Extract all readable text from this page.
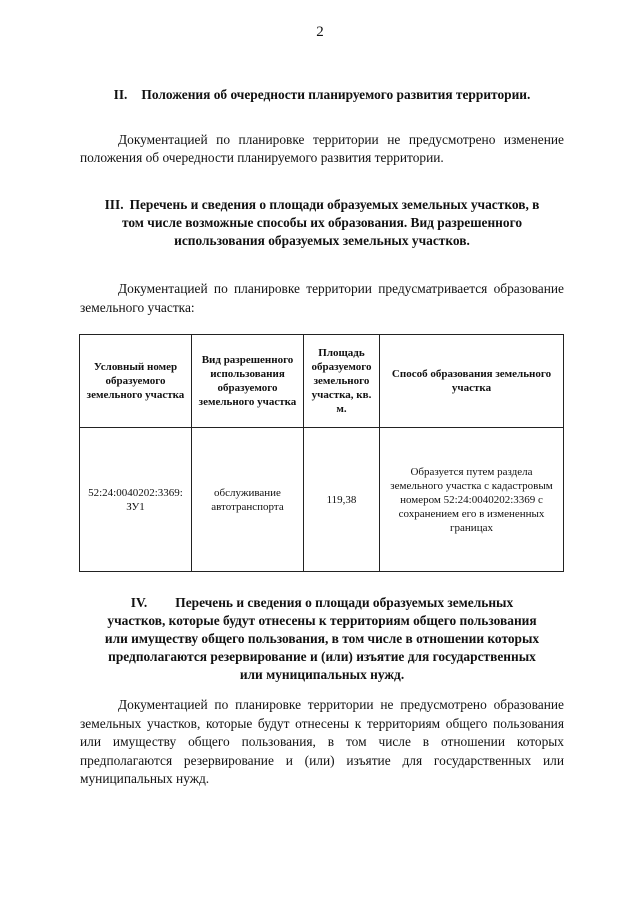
2
II. Положения об очередности планируемого развития территории.
Документацией по планировке территории не предусмотрено изменение положения об очередности планируемого развития территории.
III. Перечень и сведения о площади образуемых земельных участков, в
том числе возможные способы их образования. Вид разрешенного
использования образуемых земельных участков.
Документацией по планировке территории предусматривается образование земельного участка:
Условный номер образуемого земельного участка	Вид разрешенного использования образуемого земельного участка	Площадь образуемого земельного участка, кв. м.	Способ образования земельного участка
52:24:0040202:3369: ЗУ1	обслуживание автотранспорта	119,38	Образуется путем раздела земельного участка с кадастровым номером 52:24:0040202:3369 с сохранением его в измененных границах
IV. Перечень и сведения о площади образуемых земельных
участков, которые будут отнесены к территориям общего пользования
или имуществу общего пользования, в том числе в отношении которых
предполагаются резервирование и (или) изъятие для государственных
или муниципальных нужд.
Документацией по планировке территории не предусмотрено образование земельных участков, которые будут отнесены к территориям общего пользования или имуществу общего пользования, в том числе в отношении которых предполагаются резервирование и (или) изъятие для государственных или муниципальных нужд.
